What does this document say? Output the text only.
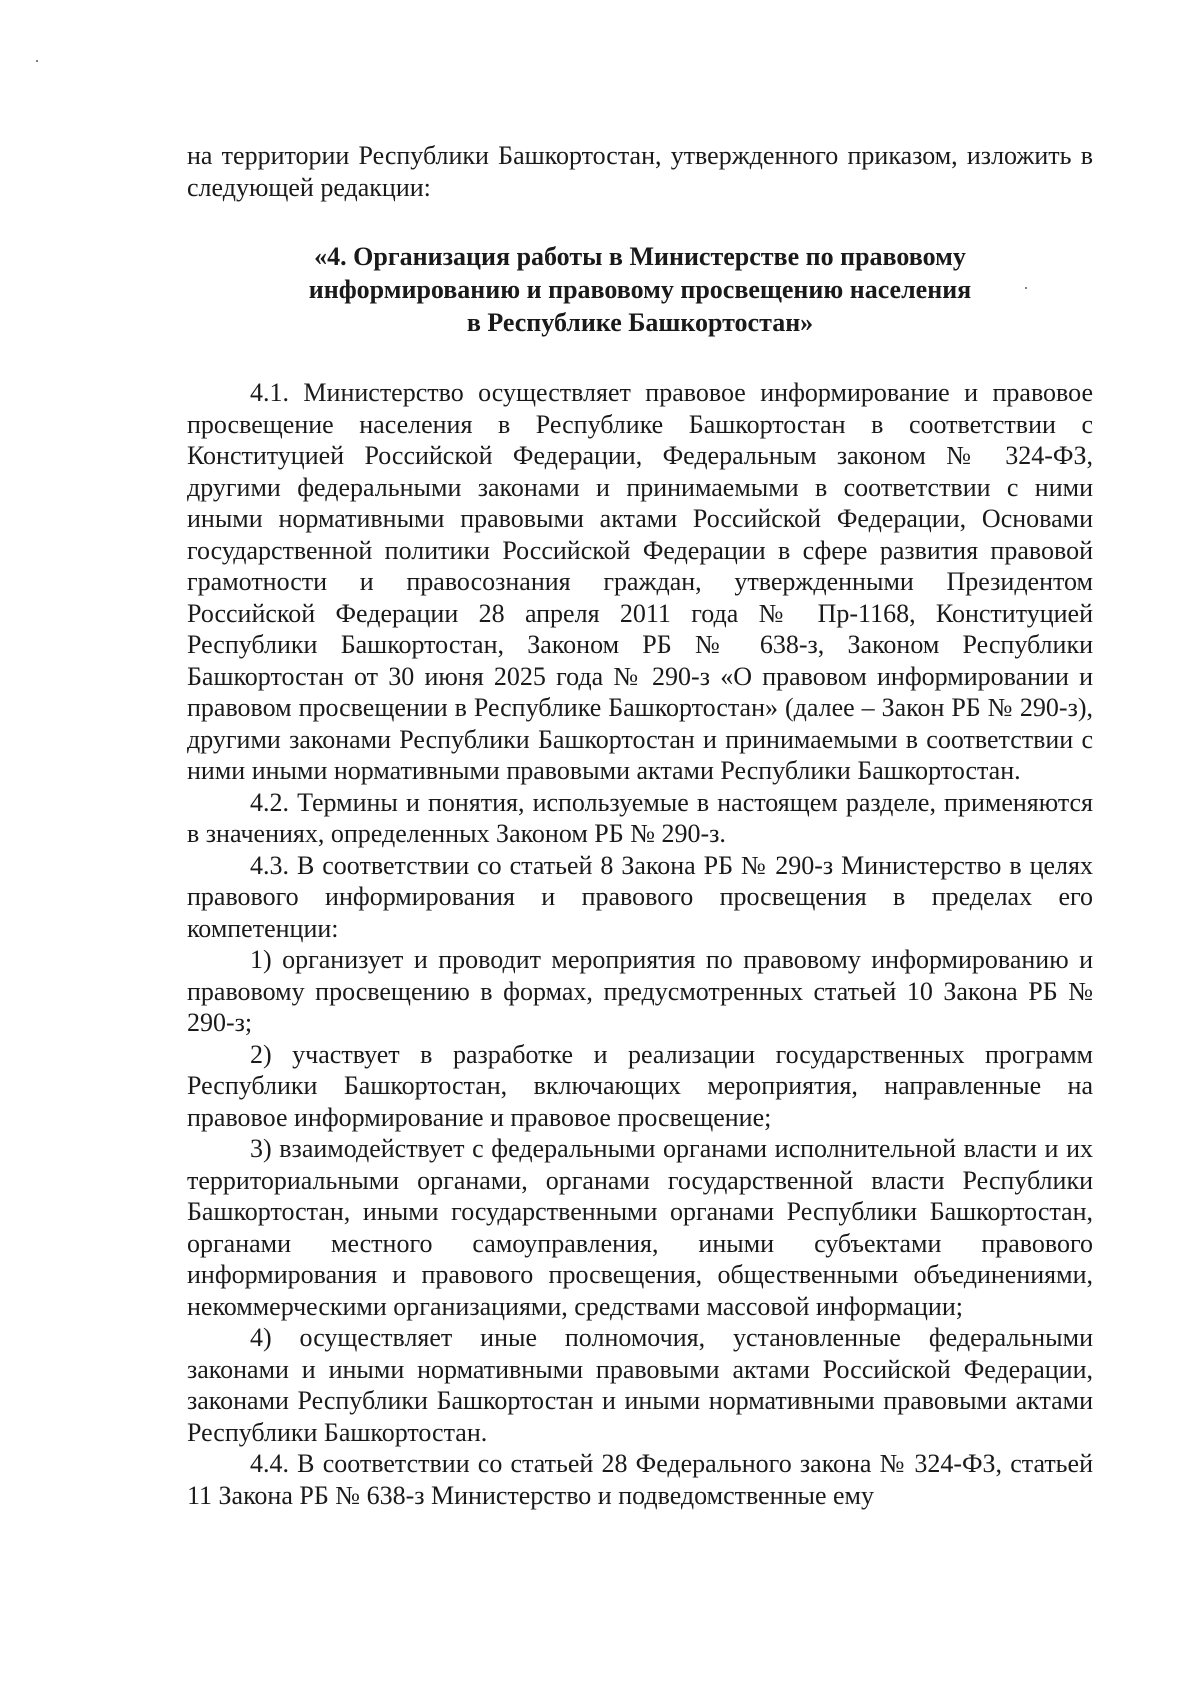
на территории Республики Башкортостан, утвержденного приказом, изложить в следующей редакции:

«4. Организация работы в Министерстве по правовому
информированию и правовому просвещению населения
в Республике Башкортостан»

4.1. Министерство осуществляет правовое информирование и правовое просвещение населения в Республике Башкортостан в соответствии с Конституцией Российской Федерации, Федеральным законом № 324-ФЗ, другими федеральными законами и принимаемыми в соответствии с ними иными нормативными правовыми актами Российской Федерации, Основами государственной политики Российской Федерации в сфере развития правовой грамотности и правосознания граждан, утвержденными Президентом Российской Федерации 28 апреля 2011 года № Пр-1168, Конституцией Республики Башкортостан, Законом РБ № 638-з, Законом Республики Башкортостан от 30 июня 2025 года № 290-з «О правовом информировании и правовом просвещении в Республике Башкортостан» (далее – Закон РБ № 290-з), другими законами Республики Башкортостан и принимаемыми в соответствии с ними иными нормативными правовыми актами Республики Башкортостан.

4.2. Термины и понятия, используемые в настоящем разделе, применяются в значениях, определенных Законом РБ № 290-з.

4.3. В соответствии со статьей 8 Закона РБ № 290-з Министерство в целях правового информирования и правового просвещения в пределах его компетенции:

1) организует и проводит мероприятия по правовому информированию и правовому просвещению в формах, предусмотренных статьей 10 Закона РБ № 290-з;

2) участвует в разработке и реализации государственных программ Республики Башкортостан, включающих мероприятия, направленные на правовое информирование и правовое просвещение;

3) взаимодействует с федеральными органами исполнительной власти и их территориальными органами, органами государственной власти Республики Башкортостан, иными государственными органами Республики Башкортостан, органами местного самоуправления, иными субъектами правового информирования и правового просвещения, общественными объединениями, некоммерческими организациями, средствами массовой информации;

4) осуществляет иные полномочия, установленные федеральными законами и иными нормативными правовыми актами Российской Федерации, законами Республики Башкортостан и иными нормативными правовыми актами Республики Башкортостан.

4.4. В соответствии со статьей 28 Федерального закона № 324-ФЗ, статьей 11 Закона РБ № 638-з Министерство и подведомственные ему
